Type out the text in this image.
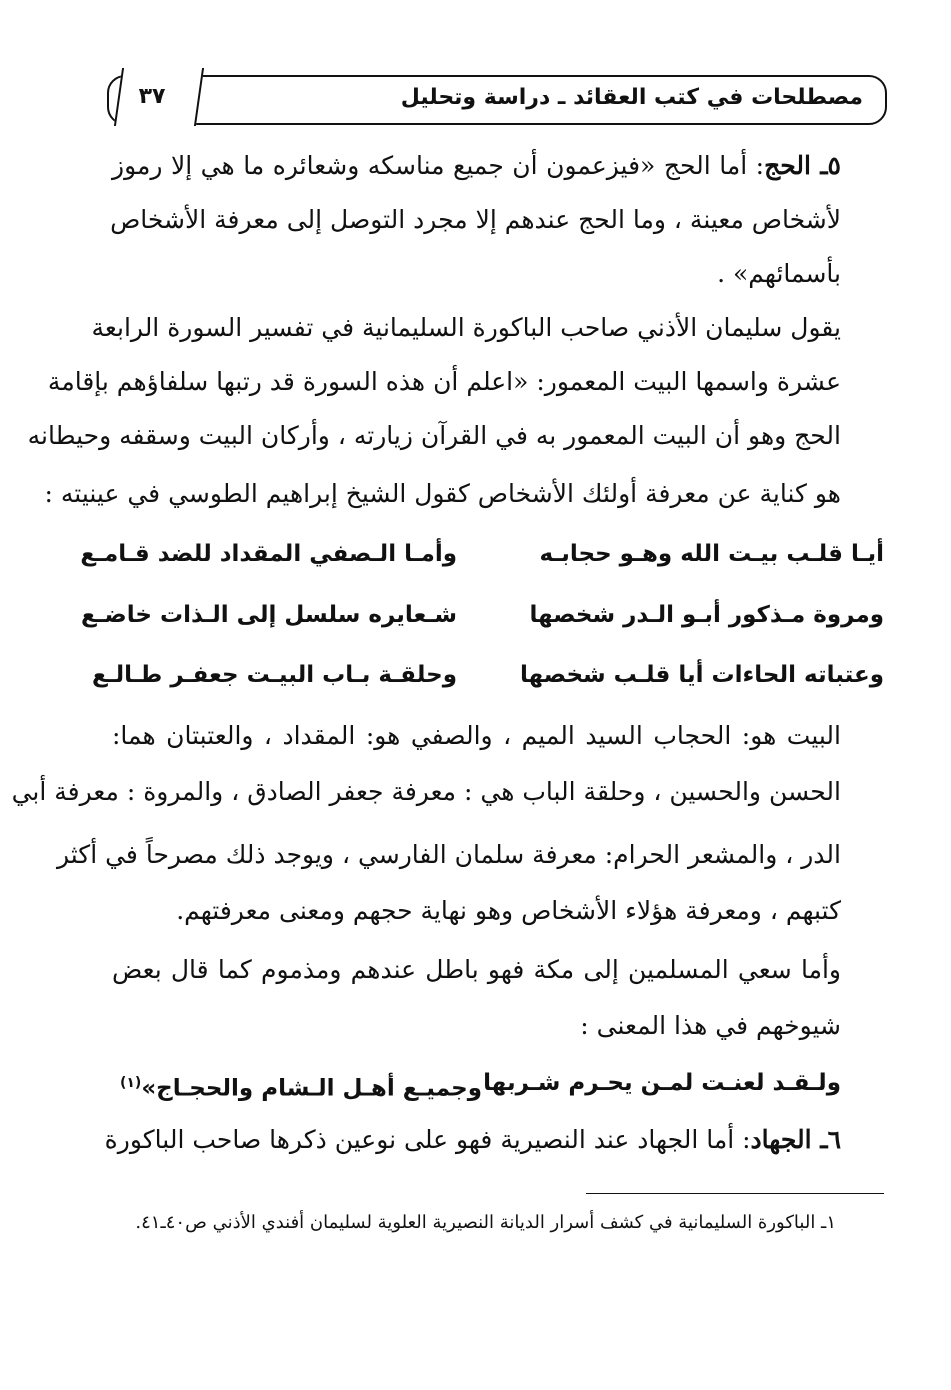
مصطلحات في كتب العقائد ـ دراسة وتحليل
٣٧
٥ـ الحج: أما الحج «فيزعمون أن جميع مناسكه وشعائره ما هي إلا رموز
لأشخاص معينة ، وما الحج عندهم إلا مجرد التوصل إلى معرفة الأشخاص
بأسمائهم» .
يقول سليمان الأذني صاحب الباكورة السليمانية في تفسير السورة الرابعة
عشرة واسمها البيت المعمور: «اعلم أن هذه السورة قد رتبها سلفاؤهم بإقامة
الحج وهو أن البيت المعمور به في القرآن زيارته ، وأركان البيت وسقفه وحيطانه
هو كناية عن معرفة أولئك الأشخاص كقول الشيخ إبراهيم الطوسي في عينيته :
أيـا قلـب بيـت الله وهـو حجابـه
وأمـا الـصفي المقداد للضد قـامـع
ومروة مـذكور أبـو الـدر شخصها
شـعايره سلسل إلى الـذات خاضـع
وعتباته الحاءات أيا قلـب شخصها
وحلقـة بـاب البيـت جعفـر طـالـع
البيت هو: الحجاب السيد الميم ، والصفي هو: المقداد ، والعتبتان هما:
الحسن والحسين ، وحلقة الباب هي : معرفة جعفر الصادق ، والمروة : معرفة أبي
الدر ، والمشعر الحرام: معرفة سلمان الفارسي ، ويوجد ذلك مصرحاً في أكثر
كتبهم ، ومعرفة هؤلاء الأشخاص وهو نهاية حجهم ومعنى معرفتهم.
وأما سعي المسلمين إلى مكة فهو باطل عندهم ومذموم كما قال بعض
شيوخهم في هذا المعنى :
ولـقـد لعنـت لمـن يحـرم شـربها
وجميـع أهـل الـشام والحجـاج»$^{(١)}$
٦ـ الجهاد: أما الجهاد عند النصيرية فهو على نوعين ذكرها صاحب الباكورة
١ـ الباكورة السليمانية في كشف أسرار الديانة النصيرية العلوية لسليمان أفندي الأذني ص٤٠ـ٤١.
